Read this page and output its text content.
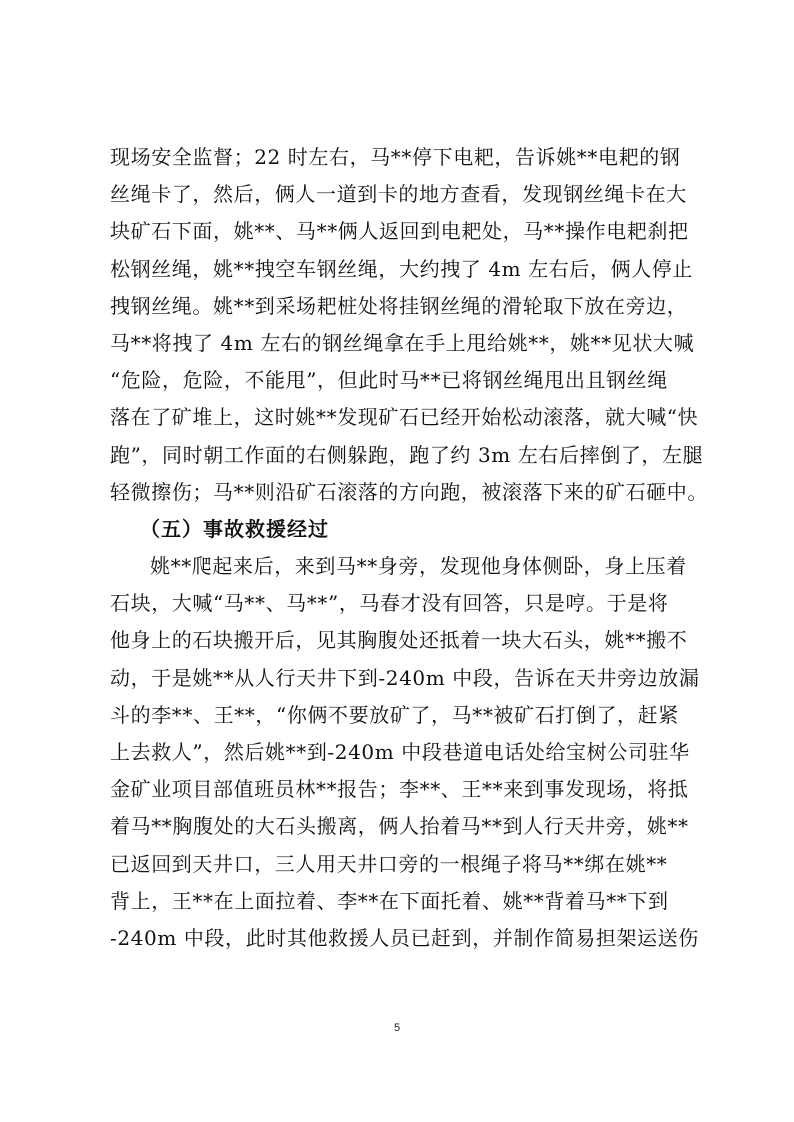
现场安全监督；22 时左右，马**停下电耙，告诉姚**电耙的钢
丝绳卡了，然后，俩人一道到卡的地方查看，发现钢丝绳卡在大
块矿石下面，姚**、马**俩人返回到电耙处，马**操作电耙刹把
松钢丝绳，姚**拽空车钢丝绳，大约拽了 4m 左右后，俩人停止
拽钢丝绳。姚**到采场耙桩处将挂钢丝绳的滑轮取下放在旁边，
马**将拽了 4m 左右的钢丝绳拿在手上甩给姚**，姚**见状大喊
“危险，危险，不能甩”，但此时马**已将钢丝绳甩出且钢丝绳
落在了矿堆上，这时姚**发现矿石已经开始松动滚落，就大喊“快
跑”，同时朝工作面的右侧躲跑，跑了约 3m 左右后摔倒了，左腿
轻微擦伤；马**则沿矿石滚落的方向跑，被滚落下来的矿石砸中。
（五）事故救援经过
姚**爬起来后，来到马**身旁，发现他身体侧卧，身上压着
石块，大喊“马**、马**”，马春才没有回答，只是哼。于是将
他身上的石块搬开后，见其胸腹处还抵着一块大石头，姚**搬不
动，于是姚**从人行天井下到-240m 中段，告诉在天井旁边放漏
斗的李**、王**，“你俩不要放矿了，马**被矿石打倒了，赶紧
上去救人”，然后姚**到-240m 中段巷道电话处给宝树公司驻华
金矿业项目部值班员林**报告；李**、王**来到事发现场，将抵
着马**胸腹处的大石头搬离，俩人抬着马**到人行天井旁，姚**
已返回到天井口，三人用天井口旁的一根绳子将马**绑在姚**
背上，王**在上面拉着、李**在下面托着、姚**背着马**下到
-240m 中段，此时其他救援人员已赶到，并制作简易担架运送伤
5
